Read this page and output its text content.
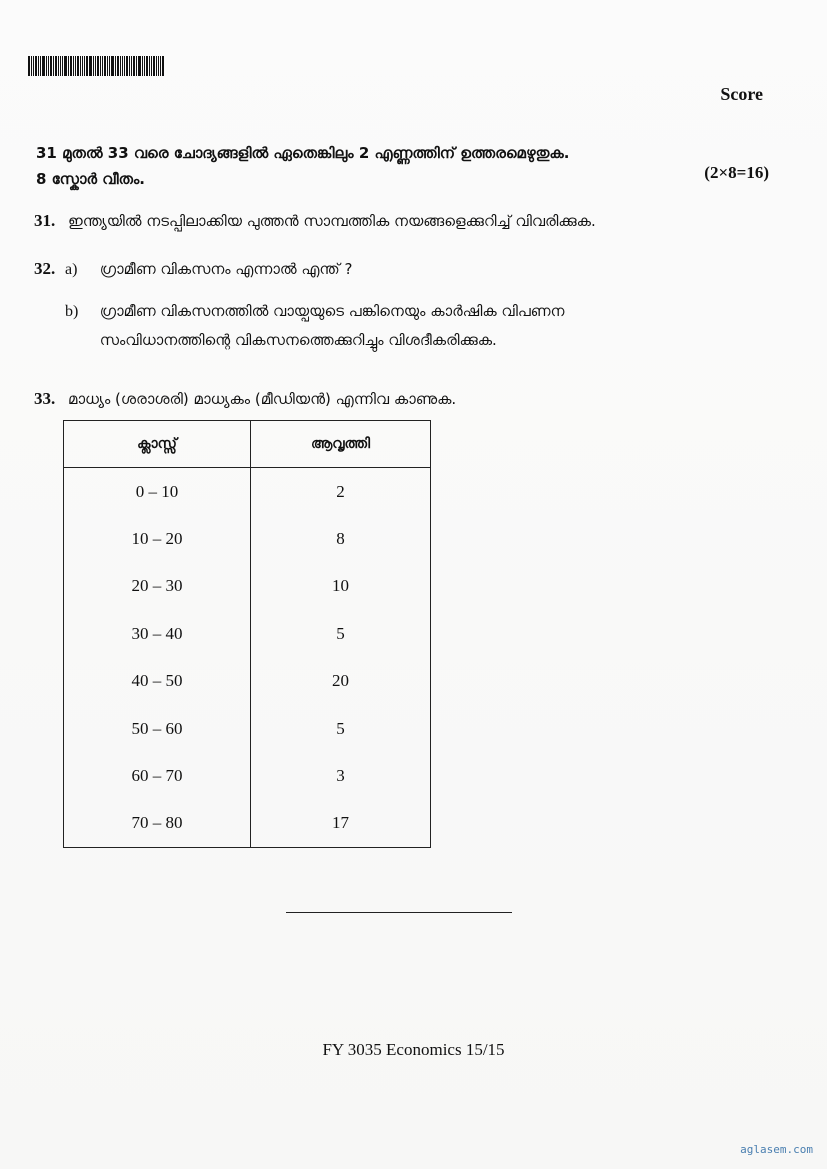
Score
31 മുതൽ 33 വരെ ചോദ്യങ്ങളിൽ ഏതെങ്കിലും 2 എണ്ണത്തിന് ഉത്തരമെഴുതുക.
8 സ്കോർ വീതം.	(2×8=16)
31. ഇന്ത്യയിൽ നടപ്പിലാക്കിയ പുത്തൻ സാമ്പത്തിക നയങ്ങളെക്കുറിച്ച് വിവരിക്കുക.
32. a) ഗ്രാമീണ വികസനം എന്നാൽ എന്ത് ?
b) ഗ്രാമീണ വികസനത്തിൽ വായ്പയുടെ പങ്കിനെയും കാർഷിക വിപണന
സംവിധാനത്തിന്റെ വികസനത്തെക്കുറിച്ചും വിശദീകരിക്കുക.
33. മാധ്യം (ശരാശരി) മാധ്യകം (മീഡിയൻ) എന്നിവ കാണുക.
ക്ലാസ്സ്	ആവൃത്തി
0 – 10	2
10 – 20	8
20 – 30	10
30 – 40	5
40 – 50	20
50 – 60	5
60 – 70	3
70 – 80	17
FY 3035 Economics 15/15
aglasem.com
